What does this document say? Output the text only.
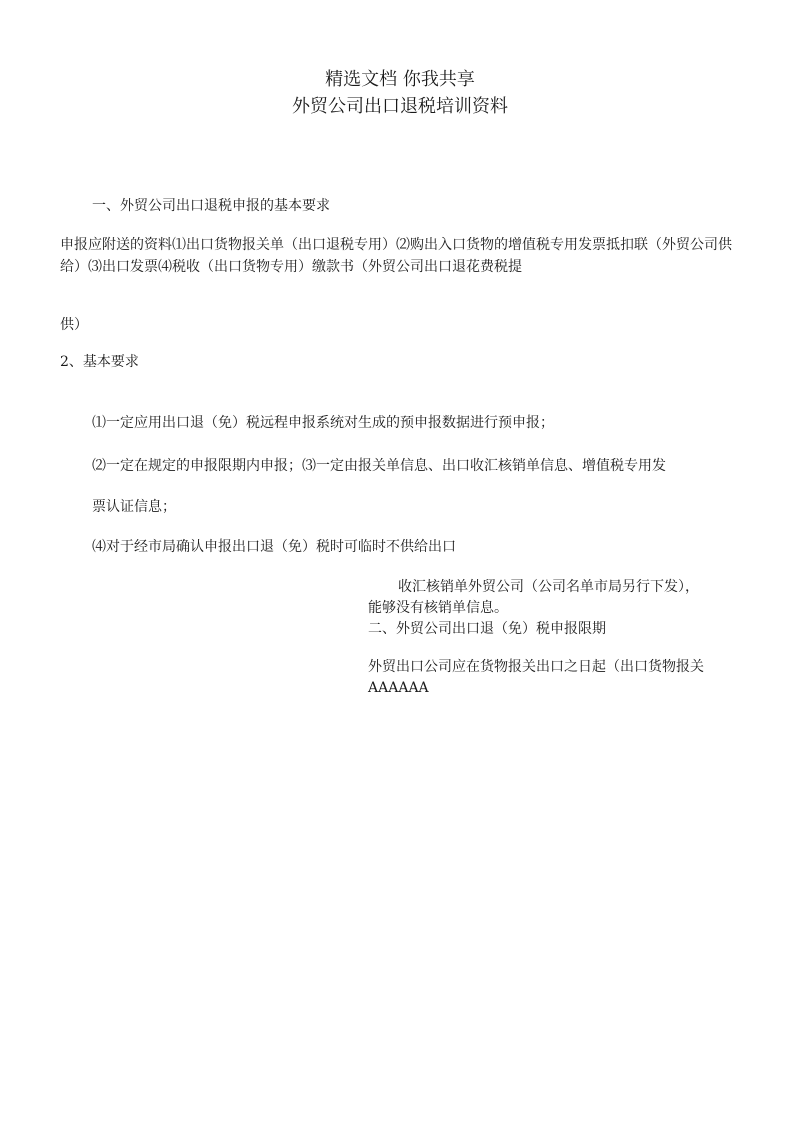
精选文档 你我共享
外贸公司出口退税培训资料
一、外贸公司出口退税申报的基本要求
申报应附送的资料⑴出口货物报关单（出口退税专用）⑵购出入口货物的增值税专用发票抵扣联（外贸公司供给）⑶出口发票⑷税收（出口货物专用）缴款书（外贸公司出口退花费税提
供）
2、基本要求
⑴一定应用出口退（免）税远程申报系统对生成的预申报数据进行预申报；
⑵一定在规定的申报限期内申报；⑶一定由报关单信息、出口收汇核销单信息、增值税专用发
票认证信息；
⑷对于经市局确认申报出口退（免）税时可临时不供给出口
收汇核销单外贸公司（公司名单市局另行下发），
能够没有核销单信息。
二、外贸公司出口退（免）税申报限期
外贸出口公司应在货物报关出口之日起（出口货物报关
AAAAAA
